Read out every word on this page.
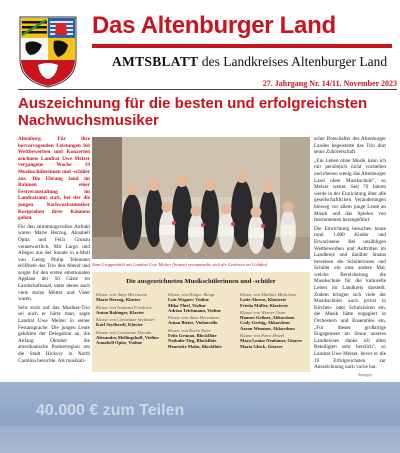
Das Altenburger Land
AMTSBLATT des Landkreises Altenburger Land
27. Jahrgang Nr. 14/11. November 2023
Auszeichnung für die besten und erfolgreichsten Nachwuchsmusiker

Altenburg. Für ihre hervorragenden Leistungen bei Wettbewerben und Konzerten zeichnete Landrat Uwe Melzer vergangene Woche 19 Musikschülerinnen und -schüler aus. Die Ehrung fand im Rahmen einer Festveranstaltung im Landratsamt statt, bei der die jungen Nachwuchsmusiker Kostproben ihres Könnens gaben.

Für den stimmungsvollen Auftakt waren Marie Herzog, Annabell Opitz und Felix Grunau verantwortlich. Mit Largo und Allegro aus der Sonate in a-Moll von Georg Philip Telemann eröffnete das Trio den Abend und sorgte für den ersten emotionalen Applaus der 50 Gäste im Landschaftssaal, unter denen auch viele stolze Mütter und Väter waren.

Sehr stolz auf das Musiker-Trio sei auch er hörte man, sagte Landrat Uwe Melzer in seiner Festansprache. Die jungen Leute gehörten der Delegation an, die Anfang Oktober die amerikanische Partnerregion um die Stadt Hickory in North Carolina besuchte. Als musikali-

Zum Gruppenbild mit Landrat Uwe Melzer (hinten) versammelte sich die Geehrten im Lichthof.

scher Botschafter des Altenburger Landes begeisterte das Trio dort seine Zuhörerschaft.

„Ein Leben ohne Musik kann ich mir persönlich nicht vorstellen und ebenso wenig das Altenburger Land ohne Musikschule", so Melzer weiter. Seit 70 Jahren werde in der Einrichtung über alle gesellschaftlichen Veränderungen hinweg vor allem junge Leute an Musik und das Spielen von Instrumenten herangeführt.

Die Einrichtung besuchen heute rund 1.000 Kinder und Erwachsene. Bei unzähligen Wettbewerben und Auftritten im Landkreis und darüber hinaus beweisen die Schülerinnen und Schüler ein ums andere Mal, welche Bereicherung die Musikschule für die kulturelle Leben im Landkreis darstellt. Zudem bringen sich viele der Musikschüler auch privat in Kirchen- oder Schulchören ein, die Musik hätte engagiert in Orchestern und Ensembles ein. „Für dieses großartige Engagement im Sinne unseres Landkreises danke ich allen Beteiligten sehr herzlich", so Landrat Uwe Melzer, bevor er die 19 Erfolgreichsten zur Auszeichnung nach vorne bat.

Die ausgezeichneten Musikschülerinnen und -schüler
Klasse von Antje Herrmann
Marie Herzog, Klavier
Klasse von Irmtraut Friedrich
Anton Bobinger, Klavier
Klasse von Christiane Seebauer
Karl Seyfhardt, Klavier
Klasse von Constanze Drenda
Alexandra Mellingshoff, Violine
Annabell Opitz, Violine
Klasse von Holger Runge
Luis Wagner, Violine
Mika Thiel, Violine
Adrian Teichmann, Violine
Klasse von Anne Herrmann
Anton Bietze, Violoncello
Klasse von Karin Beier
Felix Grunau, Blockflöte
Nathalie Tieg, Blockflöte
Henriette Mahn, Blockflöte
Klasse von Mathias Meischner
Lotte Ahrens, Klavierte
Frieda Müller, Klavierte
Klasse von Werner Oster
Hannes Geßner, Akkordeon
Cody Gerbig, Akkordeon
Aaron Wimmer, Akkordeon
Klasse von Petra Hetzel
Mara Louise Neubauer, Gitarre
Maria Glück, Gitarre
Amtsgrp.
40.000 € zum Teilen
